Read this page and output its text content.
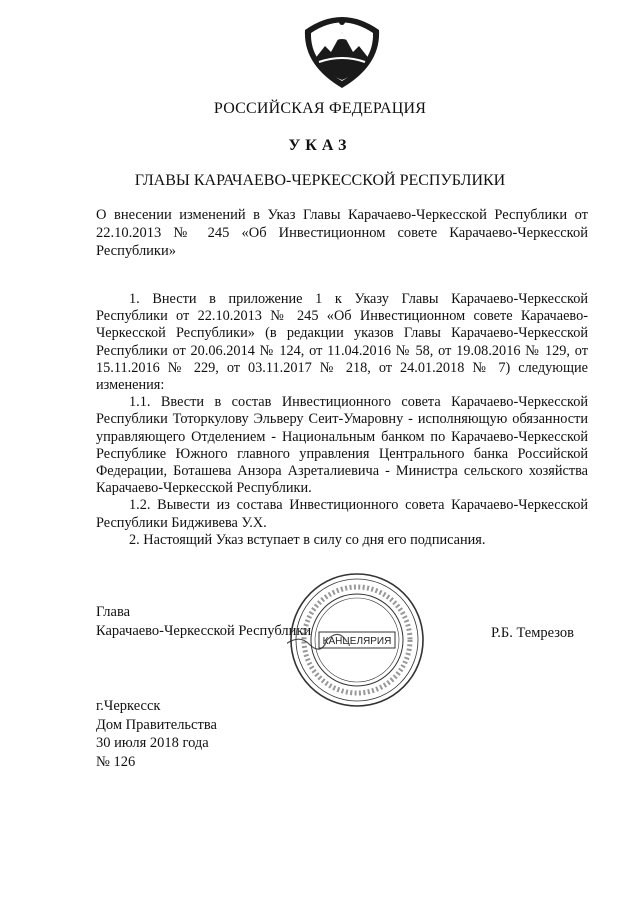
РОССИЙСКАЯ ФЕДЕРАЦИЯ
УКАЗ
ГЛАВЫ КАРАЧАЕВО-ЧЕРКЕССКОЙ РЕСПУБЛИКИ
О внесении изменений в Указ Главы Карачаево-Черкесской Республики от 22.10.2013 № 245 «Об Инвестиционном совете Карачаево-Черкесской Республики»

1. Внести в приложение 1 к Указу Главы Карачаево-Черкесской Республики от 22.10.2013 № 245 «Об Инвестиционном совете Карачаево-Черкесской Республики» (в редакции указов Главы Карачаево-Черкесской Республики от 20.06.2014 № 124, от 11.04.2016 № 58, от 19.08.2016 № 129, от 15.11.2016 № 229, от 03.11.2017 № 218, от 24.01.2018 № 7) следующие изменения:

1.1. Ввести в состав Инвестиционного совета Карачаево-Черкесской Республики Тоторкулову Эльверу Сеит-Умаровну - исполняющую обязанности управляющего Отделением - Национальным банком по Карачаево-Черкесской Республике Южного главного управления Центрального банка Российской Федерации, Боташева Анзора Азреталиевича - Министра сельского хозяйства Карачаево-Черкесской Республики.

1.2. Вывести из состава Инвестиционного совета Карачаево-Черкесской Республики Бидживева У.Х.

2. Настоящий Указ вступает в силу со дня его подписания.

Глава
Карачаево-Черкесской Республики	Р.Б. Темрезов
КАНЦЕЛЯРИЯ
г.Черкесск
Дом Правительства
30 июля 2018 года
№ 126
